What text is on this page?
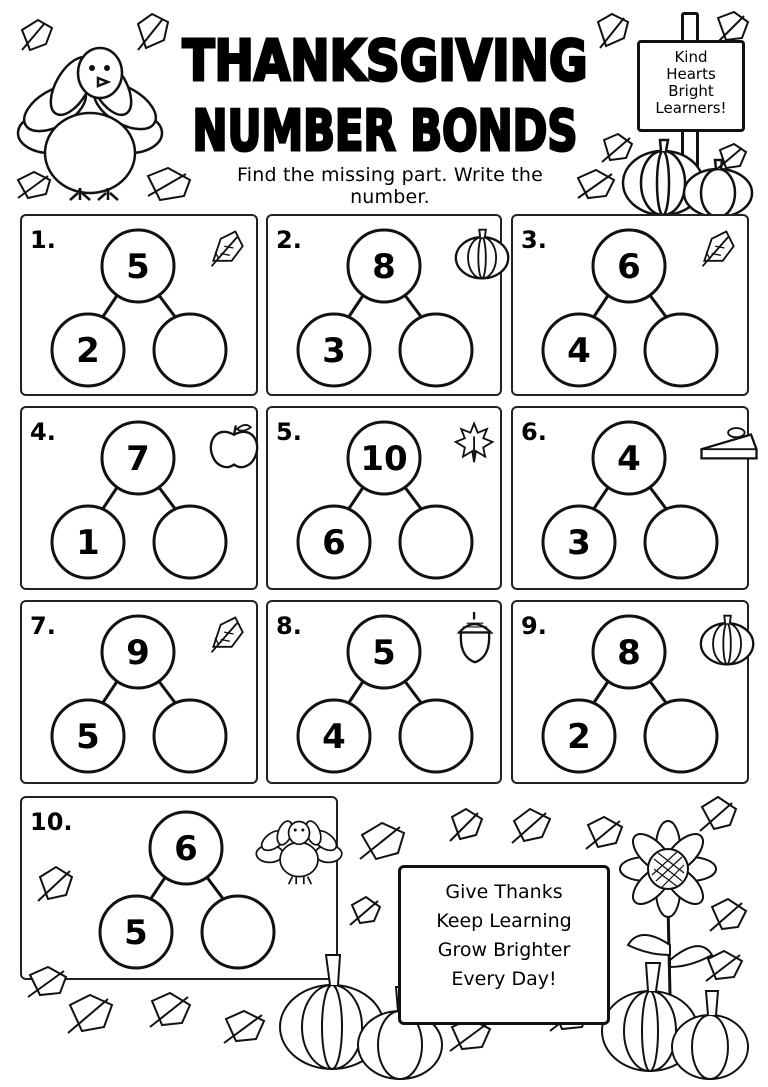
THANKSGIVING
NUMBER BONDS
Find the missing part. Write the number.
Kind
Hearts
Bright
Learners!
1.
5
2
2.
8
3
3.
6
4
4.
7
1
5.
10
6
6.
4
3
7.
9
5
8.
5
4
9.
8
2
10.
6
5
Give Thanks
Keep Learning
Grow Brighter
Every Day!
